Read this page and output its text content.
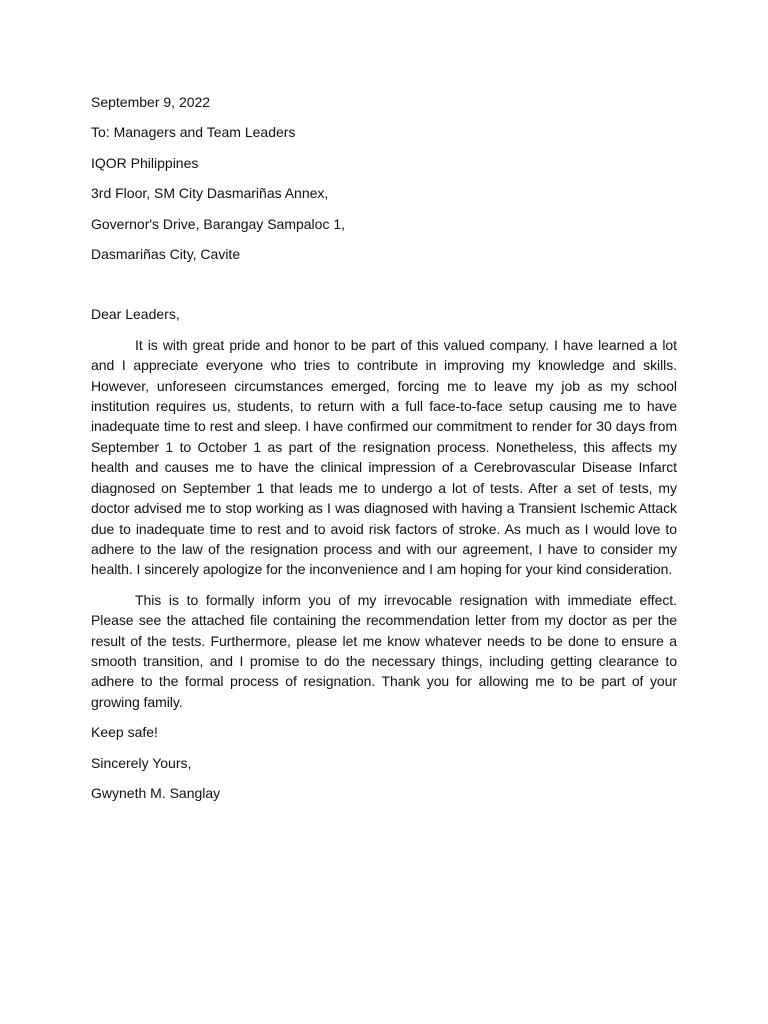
September 9, 2022

To: Managers and Team Leaders

IQOR Philippines

3rd Floor, SM City Dasmariñas Annex,

Governor's Drive, Barangay Sampaloc 1,

Dasmariñas City, Cavite

Dear Leaders,

It is with great pride and honor to be part of this valued company. I have learned a lot and I appreciate everyone who tries to contribute in improving my knowledge and skills. However, unforeseen circumstances emerged, forcing me to leave my job as my school institution requires us, students, to return with a full face-to-face setup causing me to have inadequate time to rest and sleep. I have confirmed our commitment to render for 30 days from September 1 to October 1 as part of the resignation process. Nonetheless, this affects my health and causes me to have the clinical impression of a Cerebrovascular Disease Infarct diagnosed on September 1 that leads me to undergo a lot of tests. After a set of tests, my doctor advised me to stop working as I was diagnosed with having a Transient Ischemic Attack due to inadequate time to rest and to avoid risk factors of stroke. As much as I would love to adhere to the law of the resignation process and with our agreement, I have to consider my health. I sincerely apologize for the inconvenience and I am hoping for your kind consideration.

This is to formally inform you of my irrevocable resignation with immediate effect. Please see the attached file containing the recommendation letter from my doctor as per the result of the tests. Furthermore, please let me know whatever needs to be done to ensure a smooth transition, and I promise to do the necessary things, including getting clearance to adhere to the formal process of resignation. Thank you for allowing me to be part of your growing family.

Keep safe!

Sincerely Yours,

Gwyneth M. Sanglay
